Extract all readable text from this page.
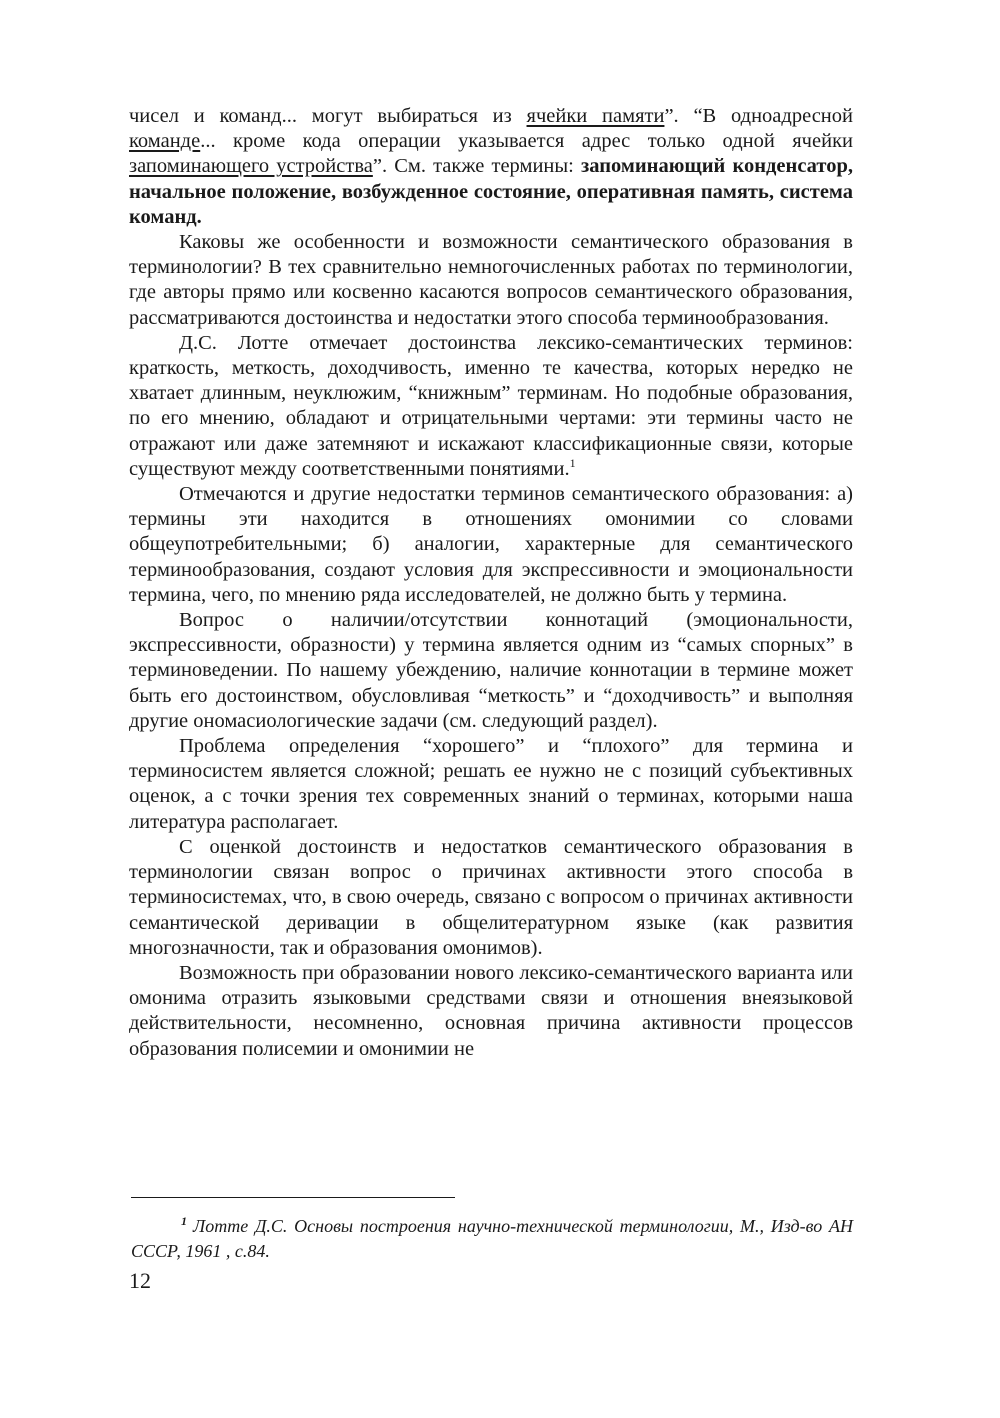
чисел и команд... могут выбираться из ячейки памяти”. “В одноадресной команде... кроме кода операции указывается адрес только одной ячейки запоминающего устройства”. См. также термины: запоминающий конденсатор, начальное положение, возбужденное состояние, оперативная память, система команд.

Каковы же особенности и возможности семантического образования в терминологии? В тех сравнительно немногочисленных работах по терминологии, где авторы прямо или косвенно касаются вопросов семантического образования, рассматриваются достоинства и недостатки этого способа терминообразования.

Д.С. Лотте отмечает достоинства лексико-семантических терминов: краткость, меткость, доходчивость, именно те качества, которых нередко не хватает длинным, неуклюжим, “книжным” терминам. Но подобные образования, по его мнению, обладают и отрицательными чертами: эти термины часто не отражают или даже затемняют и искажают классификационные связи, которые существуют между соответственными понятиями.$^1$

Отмечаются и другие недостатки терминов семантического образования: а) термины эти находится в отношениях омонимии со словами общеупотребительными; б) аналогии, характерные для семантического терминообразования, создают условия для экспрессивности и эмоциональности термина, чего, по мнению ряда исследователей, не должно быть у термина.

Вопрос о наличии/отсутствии коннотаций (эмоциональности, экспрессивности, образности) у термина является одним из “самых спорных” в терминоведении. По нашему убеждению, наличие коннотации в термине может быть его достоинством, обусловливая “меткость” и “доходчивость” и выполняя другие ономасиологические задачи (см. следующий раздел).

Проблема определения “хорошего” и “плохого” для термина и терминосистем является сложной; решать ее нужно не с позиций субъективных оценок, а с точки зрения тех современных знаний о терминах, которыми наша литература располагает.

С оценкой достоинств и недостатков семантического образования в терминологии связан вопрос о причинах активности этого способа в терминосистемах, что, в свою очередь, связано с вопросом о причинах активности семантической деривации в общелитературном языке (как развития многозначности, так и образования омонимов).

Возможность при образовании нового лексико-семантического варианта или омонима отразить языковыми средствами связи и отношения внеязыковой действительности, несомненно, основная причина активности процессов образования полисемии и омонимии не

$^1$ Лотте Д.С. Основы построения научно-технической терминологии, М., Изд-во АН СССР, 1961 , с.84.
12
